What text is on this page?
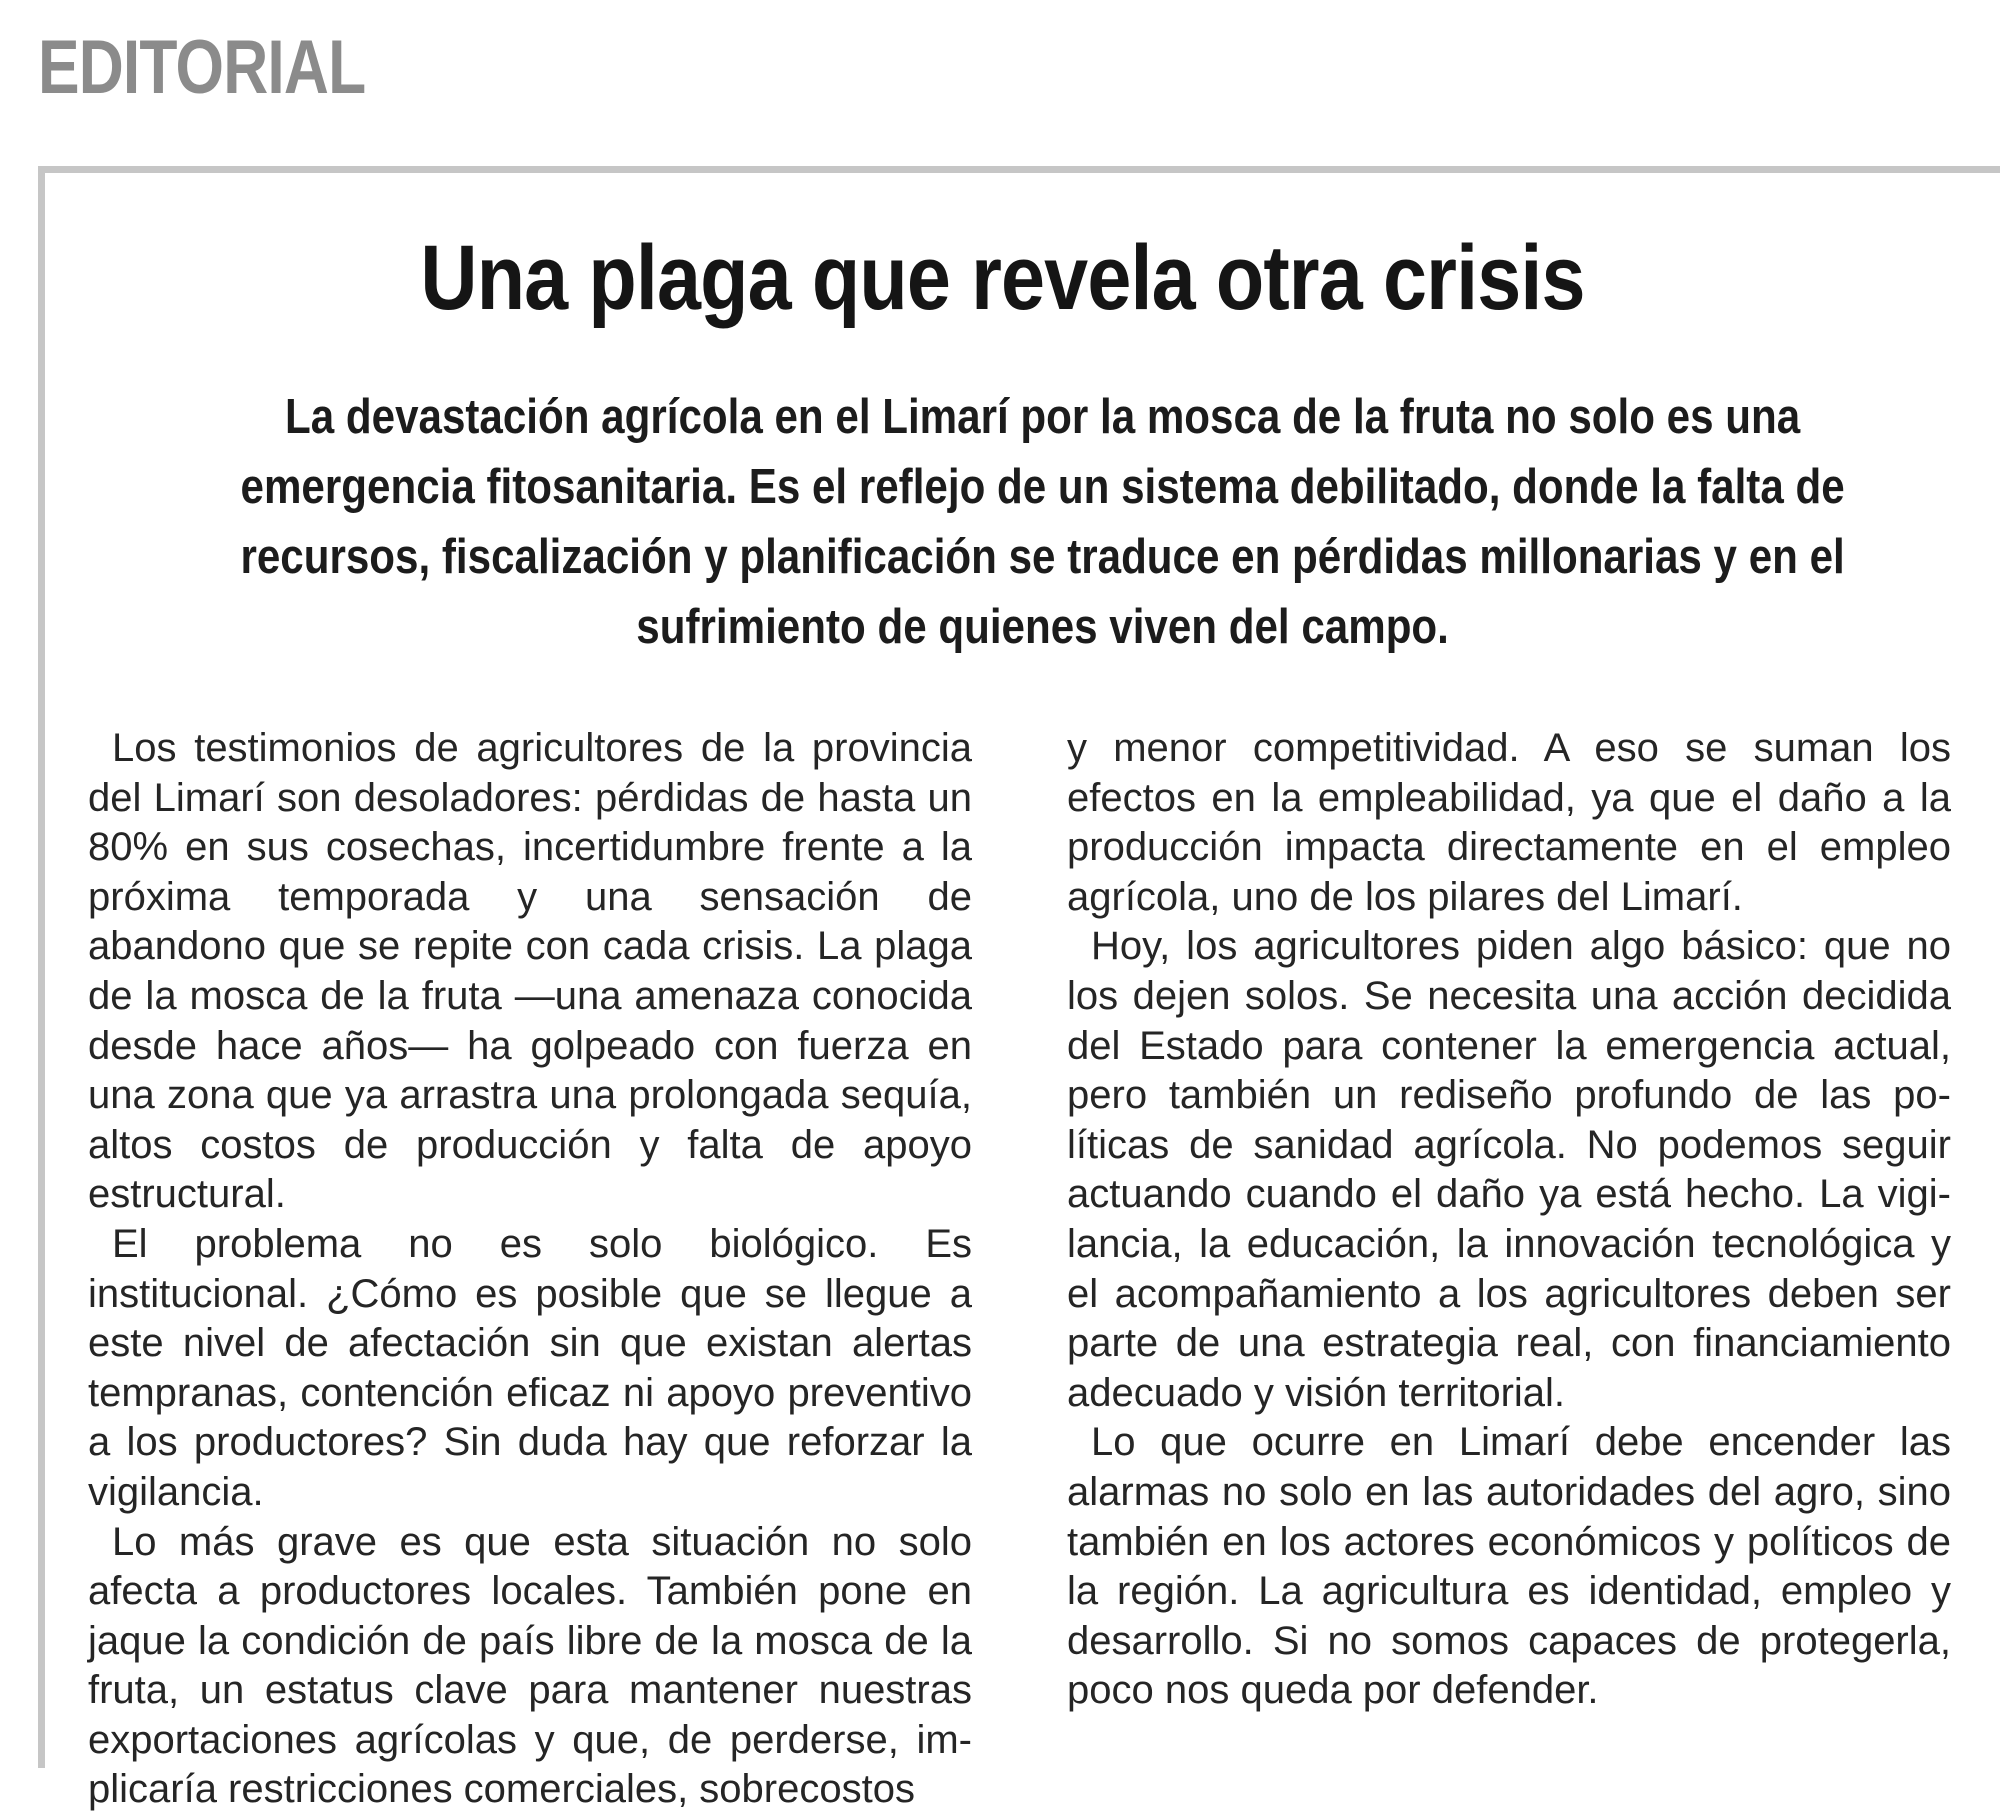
EDITORIAL
Una plaga que revela otra crisis

La devastación agrícola en el Limarí por la mosca de la fruta no solo es una emergencia fitosanitaria. Es el reflejo de un sistema debilitado, donde la falta de recursos, fiscalización y planificación se traduce en pérdidas millonarias y en el sufrimiento de quienes viven del campo.

Los testimonios de agricultores de la provincia del Limarí son desoladores: pérdidas de hasta un 80% en sus cosechas, incertidumbre frente a la próxima temporada y una sensación de abandono que se repite con cada crisis. La plaga de la mosca de la fruta —una amenaza conocida desde hace años— ha golpeado con fuerza en una zona que ya arrastra una prolongada sequía, altos costos de producción y falta de apoyo estructural.

El problema no es solo biológico. Es institucional. ¿Cómo es posible que se llegue a este nivel de afectación sin que existan alertas tempranas, contención eficaz ni apoyo preventivo a los productores? Sin duda hay que reforzar la vigilancia.

Lo más grave es que esta situación no solo afecta a productores locales. También pone en jaque la condición de país libre de la mosca de la fruta, un estatus clave para mantener nuestras exportaciones agrícolas y que, de perderse, implicaría restricciones comerciales, sobrecostos

y menor competitividad. A eso se suman los efectos en la empleabilidad, ya que el daño a la producción impacta directamente en el empleo agrícola, uno de los pilares del Limarí.

Hoy, los agricultores piden algo básico: que no los dejen solos. Se necesita una acción decidida del Estado para contener la emergencia actual, pero también un rediseño profundo de las políticas de sanidad agrícola. No podemos seguir actuando cuando el daño ya está hecho. La vigilancia, la educación, la innovación tecnológica y el acompañamiento a los agricultores deben ser parte de una estrategia real, con financiamiento adecuado y visión territorial.

Lo que ocurre en Limarí debe encender las alarmas no solo en las autoridades del agro, sino también en los actores económicos y políticos de la región. La agricultura es identidad, empleo y desarrollo. Si no somos capaces de protegerla, poco nos queda por defender.
